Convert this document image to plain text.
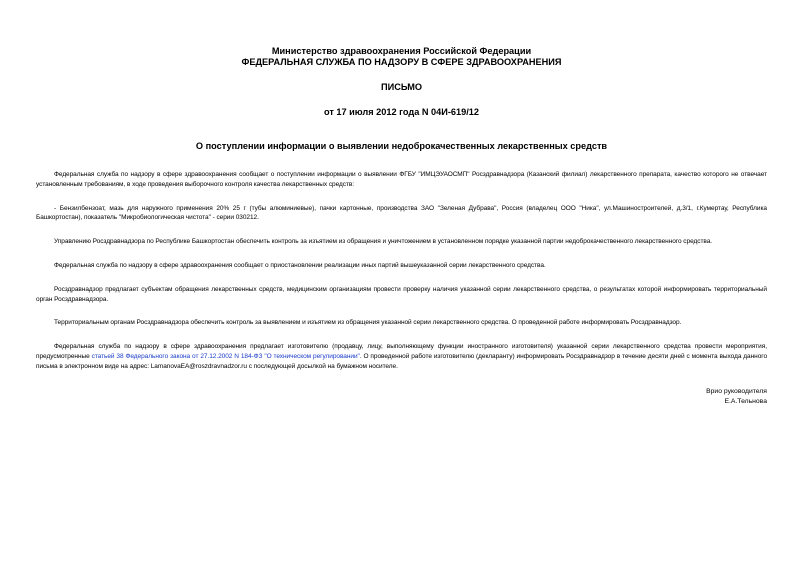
Министерство здравоохранения Российской Федерации
ФЕДЕРАЛЬНАЯ СЛУЖБА ПО НАДЗОРУ В СФЕРЕ ЗДРАВООХРАНЕНИЯ
ПИСЬМО
от 17 июля 2012 года N 04И-619/12
О поступлении информации о выявлении недоброкачественных лекарственных средств

Федеральная служба по надзору в сфере здравоохранения сообщает о поступлении информации о выявлении ФГБУ "ИМЦЭУАОСМП" Росздравнадзора (Казанский филиал) лекарственного препарата, качество которого не отвечает установленным требованиям, в ходе проведения выборочного контроля качества лекарственных средств:

- Бензилбензоат, мазь для наружного применения 20% 25 г (тубы алюминиевые), пачки картонные, производства ЗАО "Зеленая Дубрава", Россия (владелец ООО "Ника", ул.Машиностроителей, д.3/1, г.Кумертау, Республика Башкортостан), показатель "Микробиологическая чистота" - серии 030212.

Управлению Росздравнадзора по Республике Башкортостан обеспечить контроль за изъятием из обращения и уничтожением в установленном порядке указанной партии недоброкачественного лекарственного средства.

Федеральная служба по надзору в сфере здравоохранения сообщает о приостановлении реализации иных партий вышеуказанной серии лекарственного средства.

Росздравнадзор предлагает субъектам обращения лекарственных средств, медицинским организациям провести проверку наличия указанной серии лекарственного средства, о результатах которой информировать территориальный орган Росздравнадзора.

Территориальным органам Росздравнадзора обеспечить контроль за выявлением и изъятием из обращения указанной серии лекарственного средства. О проведенной работе информировать Росздравнадзор.

Федеральная служба по надзору в сфере здравоохранения предлагает изготовителю (продавцу, лицу, выполняющему функции иностранного изготовителя) указанной серии лекарственного средства провести мероприятия, предусмотренные статьей 38 Федерального закона от 27.12.2002 N 184-ФЗ "О техническом регулировании". О проведенной работе изготовителю (декларанту) информировать Росздравнадзор в течение десяти дней с момента выхода данного письма в электронном виде на адрес: LamanovaEA@roszdravnadzor.ru с последующей досылкой на бумажном носителе.

Врио руководителя
Е.А.Тельнова
